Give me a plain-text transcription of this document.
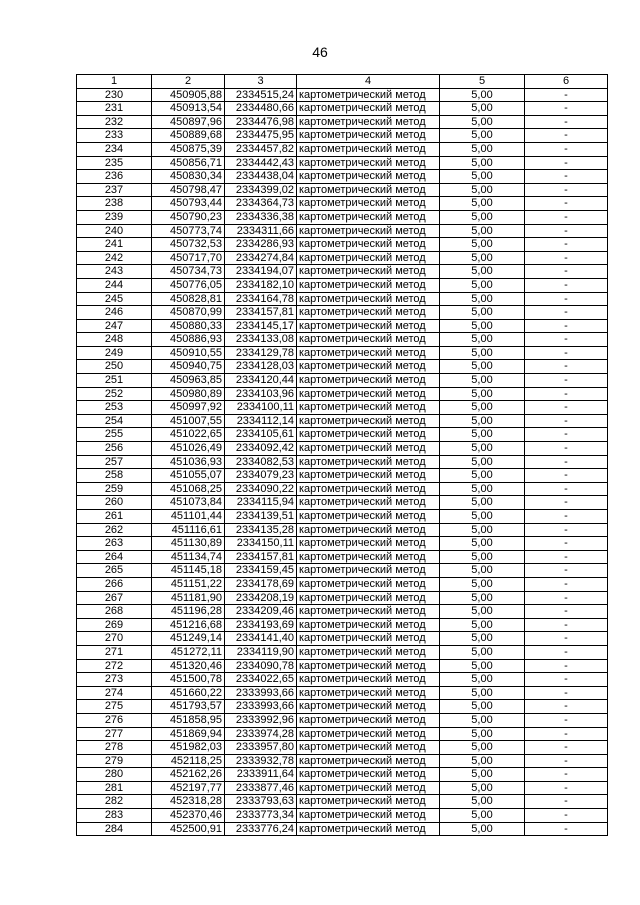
46
1	2	3	4	5	6
230	450905,88	2334515,24	картометрический метод	5,00	-
231	450913,54	2334480,66	картометрический метод	5,00	-
232	450897,96	2334476,98	картометрический метод	5,00	-
233	450889,68	2334475,95	картометрический метод	5,00	-
234	450875,39	2334457,82	картометрический метод	5,00	-
235	450856,71	2334442,43	картометрический метод	5,00	-
236	450830,34	2334438,04	картометрический метод	5,00	-
237	450798,47	2334399,02	картометрический метод	5,00	-
238	450793,44	2334364,73	картометрический метод	5,00	-
239	450790,23	2334336,38	картометрический метод	5,00	-
240	450773,74	2334311,66	картометрический метод	5,00	-
241	450732,53	2334286,93	картометрический метод	5,00	-
242	450717,70	2334274,84	картометрический метод	5,00	-
243	450734,73	2334194,07	картометрический метод	5,00	-
244	450776,05	2334182,10	картометрический метод	5,00	-
245	450828,81	2334164,78	картометрический метод	5,00	-
246	450870,99	2334157,81	картометрический метод	5,00	-
247	450880,33	2334145,17	картометрический метод	5,00	-
248	450886,93	2334133,08	картометрический метод	5,00	-
249	450910,55	2334129,78	картометрический метод	5,00	-
250	450940,75	2334128,03	картометрический метод	5,00	-
251	450963,85	2334120,44	картометрический метод	5,00	-
252	450980,89	2334103,96	картометрический метод	5,00	-
253	450997,92	2334100,11	картометрический метод	5,00	-
254	451007,55	2334112,14	картометрический метод	5,00	-
255	451022,65	2334105,61	картометрический метод	5,00	-
256	451026,49	2334092,42	картометрический метод	5,00	-
257	451036,93	2334082,53	картометрический метод	5,00	-
258	451055,07	2334079,23	картометрический метод	5,00	-
259	451068,25	2334090,22	картометрический метод	5,00	-
260	451073,84	2334115,94	картометрический метод	5,00	-
261	451101,44	2334139,51	картометрический метод	5,00	-
262	451116,61	2334135,28	картометрический метод	5,00	-
263	451130,89	2334150,11	картометрический метод	5,00	-
264	451134,74	2334157,81	картометрический метод	5,00	-
265	451145,18	2334159,45	картометрический метод	5,00	-
266	451151,22	2334178,69	картометрический метод	5,00	-
267	451181,90	2334208,19	картометрический метод	5,00	-
268	451196,28	2334209,46	картометрический метод	5,00	-
269	451216,68	2334193,69	картометрический метод	5,00	-
270	451249,14	2334141,40	картометрический метод	5,00	-
271	451272,11	2334119,90	картометрический метод	5,00	-
272	451320,46	2334090,78	картометрический метод	5,00	-
273	451500,78	2334022,65	картометрический метод	5,00	-
274	451660,22	2333993,66	картометрический метод	5,00	-
275	451793,57	2333993,66	картометрический метод	5,00	-
276	451858,95	2333992,96	картометрический метод	5,00	-
277	451869,94	2333974,28	картометрический метод	5,00	-
278	451982,03	2333957,80	картометрический метод	5,00	-
279	452118,25	2333932,78	картометрический метод	5,00	-
280	452162,26	2333911,64	картометрический метод	5,00	-
281	452197,77	2333877,46	картометрический метод	5,00	-
282	452318,28	2333793,63	картометрический метод	5,00	-
283	452370,46	2333773,34	картометрический метод	5,00	-
284	452500,91	2333776,24	картометрический метод	5,00	-
